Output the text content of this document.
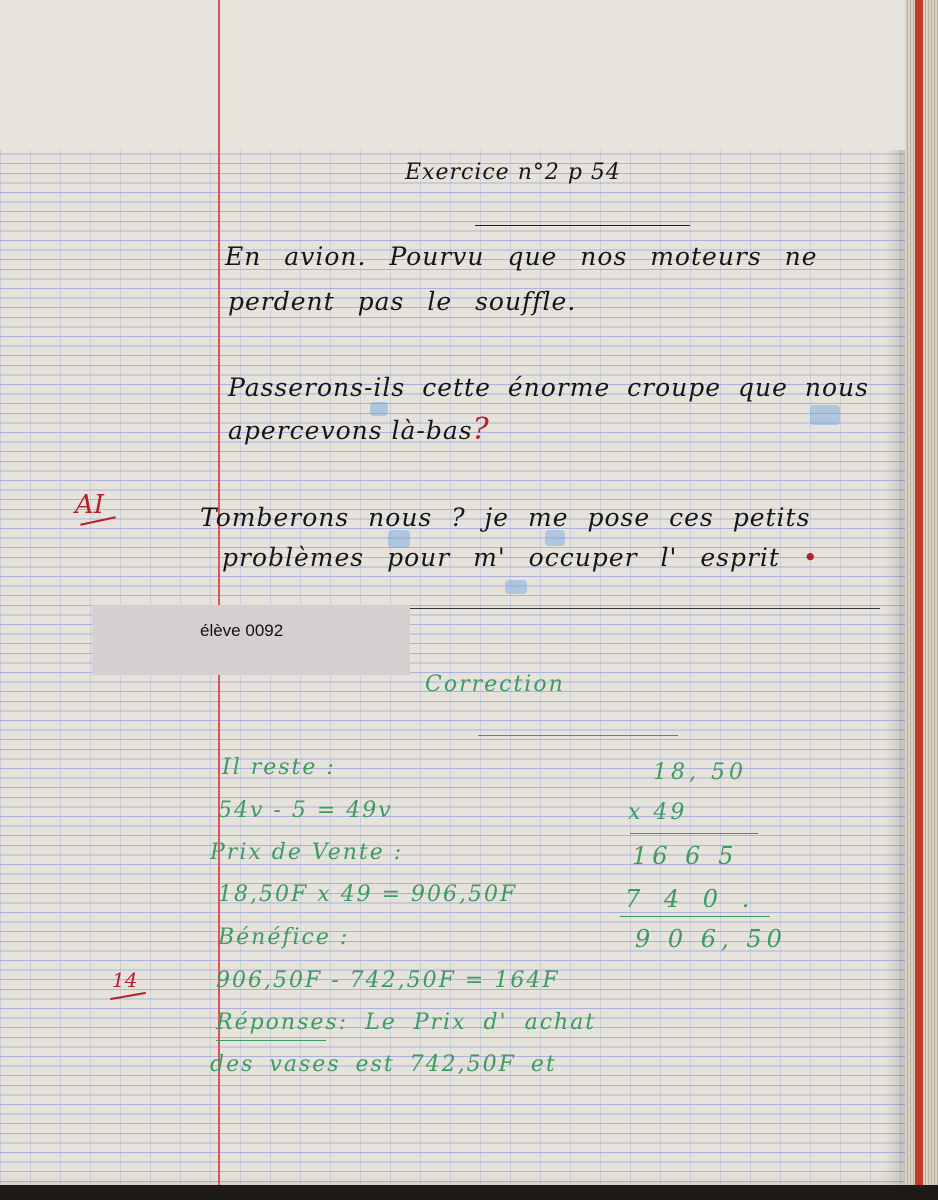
Exercice n°2 p 54
En avion. Pourvu que nos moteurs ne
perdent pas le souffle.
Passerons-ils cette énorme croupe que nous
apercevons là-bas?
Tomberons nous ? je me pose ces petits
problèmes pour m' occuper l' esprit •
AI
élève 0092
Correction
Il reste :
54v - 5 = 49v
Prix de Vente :
18,50F x 49 = 906,50F
Bénéfice :
906,50F - 742,50F = 164F
Réponses: Le Prix d' achat
des vases est 742,50F et
14
18, 50
x 49
16 6 5
7 4 0 .
9 0 6, 50
